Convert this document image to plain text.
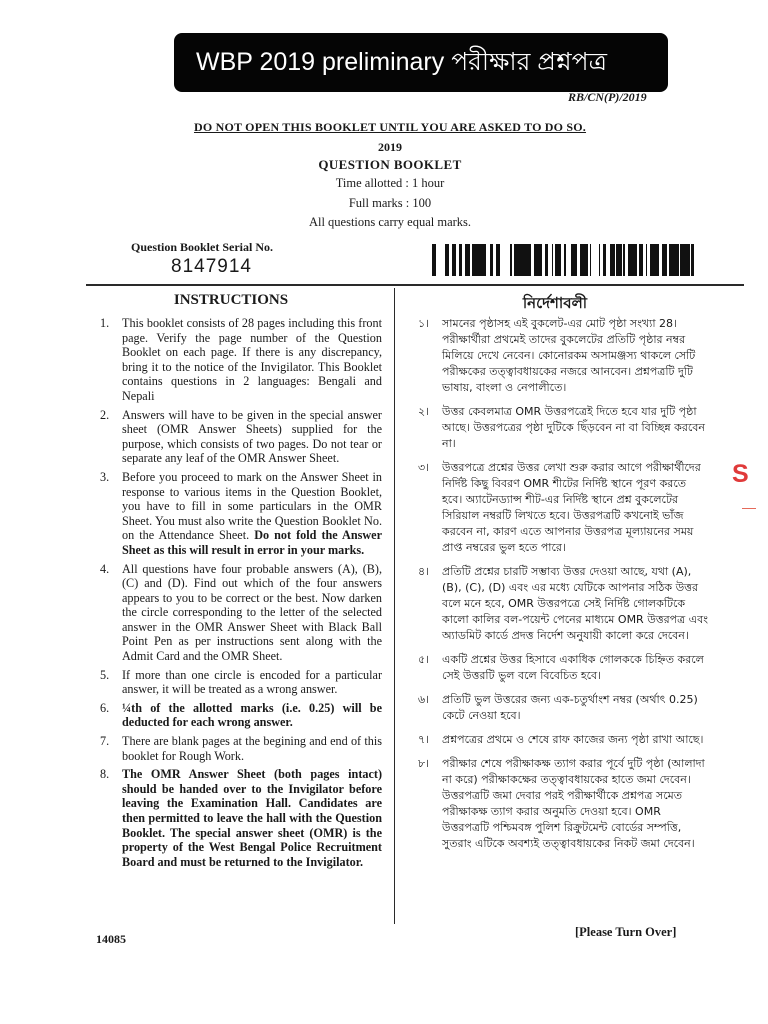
WBP 2019 preliminary পরীক্ষার প্রশ্নপত্র
RB/CN(P)/2019
DO NOT OPEN THIS BOOKLET UNTIL YOU ARE ASKED TO DO SO.
2019
QUESTION BOOKLET
Time allotted : 1 hour
Full marks : 100
All questions carry equal marks.
Question Booklet Serial No.
8147914
INSTRUCTIONS	নির্দেশাবলী
1.	This booklet consists of 28 pages including this front page. Verify the page number of the Question Booklet on each page. If there is any discrepancy, bring it to the notice of the Invigilator. This Booklet contains questions in 2 languages: Bengali and Nepali
2.	Answers will have to be given in the special answer sheet (OMR Answer Sheets) supplied for the purpose, which consists of two pages. Do not tear or separate any leaf of the OMR Answer Sheet.
3.	Before you proceed to mark on the Answer Sheet in response to various items in the Question Booklet, you have to fill in some particulars in the OMR Sheet. You must also write the Question Booklet No. on the Attendance Sheet. Do not fold the Answer Sheet as this will result in error in your marks.
4.	All questions have four probable answers (A), (B), (C) and (D). Find out which of the four answers appears to you to be correct or the best. Now darken the circle corresponding to the letter of the selected answer in the OMR Answer Sheet with Black Ball Point Pen as per instructions sent along with the Admit Card and the OMR Sheet.
5.	If more than one circle is encoded for a particular answer, it will be treated as a wrong answer.
6.	¼th of the allotted marks (i.e. 0.25) will be deducted for each wrong answer.
7.	There are blank pages at the begining and end of this booklet for Rough Work.
8.	The OMR Answer Sheet (both pages intact) should be handed over to the Invigilator before leaving the Examination Hall. Candidates are then permitted to leave the hall with the Question Booklet. The special answer sheet (OMR) is the property of the West Bengal Police Recruitment Board and must be returned to the Invigilator.
১।	সামনের পৃষ্ঠাসহ এই বুকলেট-এর মোট পৃষ্ঠা সংখ্যা 28। পরীক্ষার্থীরা প্রথমেই তাদের বুকলেটের প্রতিটি পৃষ্ঠার নম্বর মিলিয়ে দেখে নেবেন। কোনোরকম অসামঞ্জস্য থাকলে সেটি পরীক্ষকের তত্ত্বাবধায়কের নজরে আনবেন। প্রশ্নপত্রটি দুটি ভাষায়, বাংলা ও নেপালীতে।
২।	উত্তর কেবলমাত্র OMR উত্তরপত্রেই দিতে হবে যার দুটি পৃষ্ঠা আছে। উত্তরপত্রের পৃষ্ঠা দুটিকে ছিঁড়বেন না বা বিচ্ছিন্ন করবেন না।
৩।	উত্তরপত্রে প্রশ্নের উত্তর লেখা শুরু করার আগে পরীক্ষার্থীদের নির্দিষ্ট কিছু বিবরণ OMR শীটের নির্দিষ্ট স্থানে পূরণ করতে হবে। অ্যাটেনড্যান্স শীট-এর নির্দিষ্ট স্থানে প্রশ্ন বুকলেটের সিরিয়াল নম্বরটি লিখতে হবে। উত্তরপত্রটি কখনোই ভাঁজ করবেন না, কারণ এতে আপনার উত্তরপত্র মূল্যায়নের সময় প্রাপ্ত নম্বরের ভুল হতে পারে।
৪।	প্রতিটি প্রশ্নের চারটি সম্ভাব্য উত্তর দেওয়া আছে, যথা (A), (B), (C), (D) এবং এর মধ্যে যেটিকে আপনার সঠিক উত্তর বলে মনে হবে, OMR উত্তরপত্রে সেই নির্দিষ্ট গোলকটিকে কালো কালির বল-পয়েন্ট পেনের মাধ্যমে OMR উত্তরপত্র এবং অ্যাডমিট কার্ডে প্রদত্ত নির্দেশ অনুযায়ী কালো করে দেবেন।
৫।	একটি প্রশ্নের উত্তর হিসাবে একাধিক গোলককে চিহ্নিত করলে সেই উত্তরটি ভুল বলে বিবেচিত হবে।
৬।	প্রতিটি ভুল উত্তরের জন্য এক-চতুর্থাংশ নম্বর (অর্থাৎ 0.25) কেটে নেওয়া হবে।
৭।	প্রশ্নপত্রের প্রথমে ও শেষে রাফ কাজের জন্য পৃষ্ঠা রাখা আছে।
৮।	পরীক্ষার শেষে পরীক্ষাকক্ষ ত্যাগ করার পূর্বে দুটি পৃষ্ঠা (আলাদা না করে) পরীক্ষাকক্ষের তত্ত্বাবধায়কের হাতে জমা দেবেন। উত্তরপত্রটি জমা দেবার পরই পরীক্ষার্থীকে প্রশ্নপত্র সমেত পরীক্ষাকক্ষ ত্যাগ করার অনুমতি দেওয়া হবে। OMR উত্তরপত্রটি পশ্চিমবঙ্গ পুলিশ রিক্রুটমেন্ট বোর্ডের সম্পত্তি, সুতরাং এটিকে অবশ্যই তত্ত্বাবধায়কের নিকট জমা দেবেন।
S
14085	[Please Turn Over]
